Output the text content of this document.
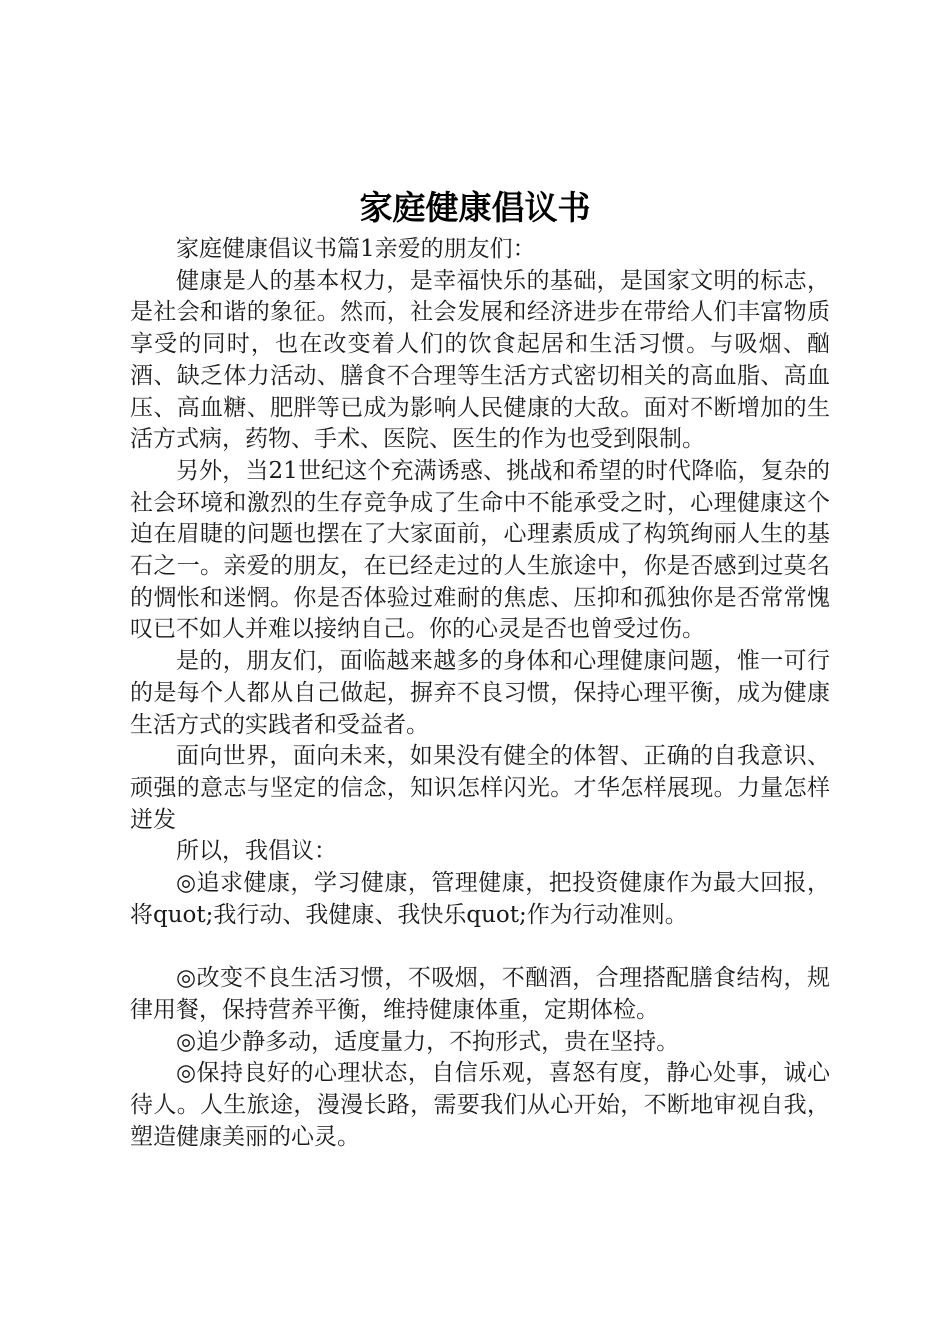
家庭健康倡议书

家庭健康倡议书篇1亲爱的朋友们：

健康是人的基本权力，是幸福快乐的基础，是国家文明的标志，是社会和谐的象征。然而，社会发展和经济进步在带给人们丰富物质享受的同时，也在改变着人们的饮食起居和生活习惯。与吸烟、酗酒、缺乏体力活动、膳食不合理等生活方式密切相关的高血脂、高血压、高血糖、肥胖等已成为影响人民健康的大敌。面对不断增加的生活方式病，药物、手术、医院、医生的作为也受到限制。

另外，当21世纪这个充满诱惑、挑战和希望的时代降临，复杂的社会环境和激烈的生存竞争成了生命中不能承受之时，心理健康这个迫在眉睫的问题也摆在了大家面前，心理素质成了构筑绚丽人生的基石之一。亲爱的朋友，在已经走过的人生旅途中，你是否感到过莫名的惆怅和迷惘。你是否体验过难耐的焦虑、压抑和孤独你是否常常愧叹已不如人并难以接纳自己。你的心灵是否也曾受过伤。

是的，朋友们，面临越来越多的身体和心理健康问题，惟一可行的是每个人都从自己做起，摒弃不良习惯，保持心理平衡，成为健康生活方式的实践者和受益者。

面向世界，面向未来，如果没有健全的体智、正确的自我意识、顽强的意志与坚定的信念，知识怎样闪光。才华怎样展现。力量怎样迸发

所以，我倡议：

◎追求健康，学习健康，管理健康，把投资健康作为最大回报，将quot;我行动、我健康、我快乐quot;作为行动准则。

◎改变不良生活习惯，不吸烟，不酗酒，合理搭配膳食结构，规律用餐，保持营养平衡，维持健康体重，定期体检。

◎追少静多动，适度量力，不拘形式，贵在坚持。

◎保持良好的心理状态，自信乐观，喜怒有度，静心处事，诚心待人。人生旅途，漫漫长路，需要我们从心开始，不断地审视自我，塑造健康美丽的心灵。
